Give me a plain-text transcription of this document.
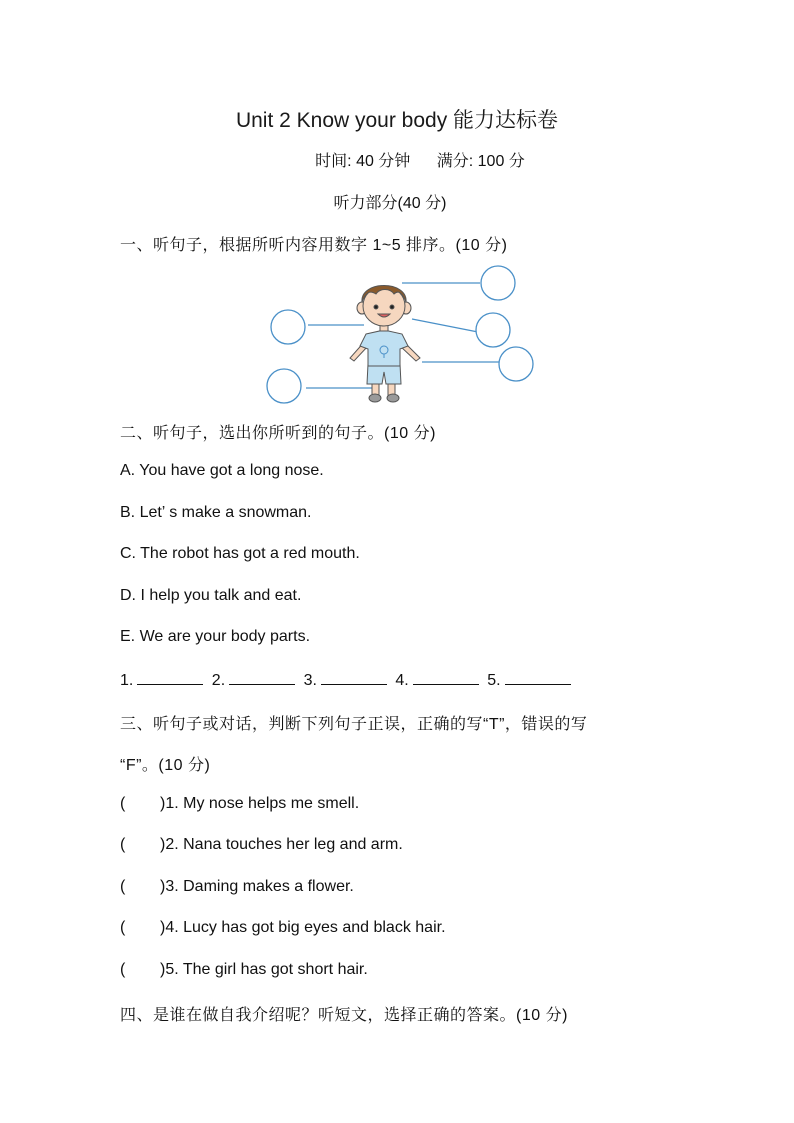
Unit 2 Know your body 能力达标卷
时间: 40 分钟 满分: 100 分
听力部分(40 分)
一、听句子，根据所听内容用数字 1~5 排序。(10 分)
二、听句子，选出你所听到的句子。(10 分)
A. You have got a long nose.
B. Let’ s make a snowman.
C. The robot has got a red mouth.
D. I help you talk and eat.
E. We are your body parts.
1.	2.	3.	4.	5.
三、听句子或对话，判断下列句子正误，正确的写“T”，错误的写
“F”。(10 分)
( )1. My nose helps me smell.
( )2. Nana touches her leg and arm.
( )3. Daming makes a flower.
( )4. Lucy has got big eyes and black hair.
( )5. The girl has got short hair.
四、是谁在做自我介绍呢？听短文，选择正确的答案。(10 分)
